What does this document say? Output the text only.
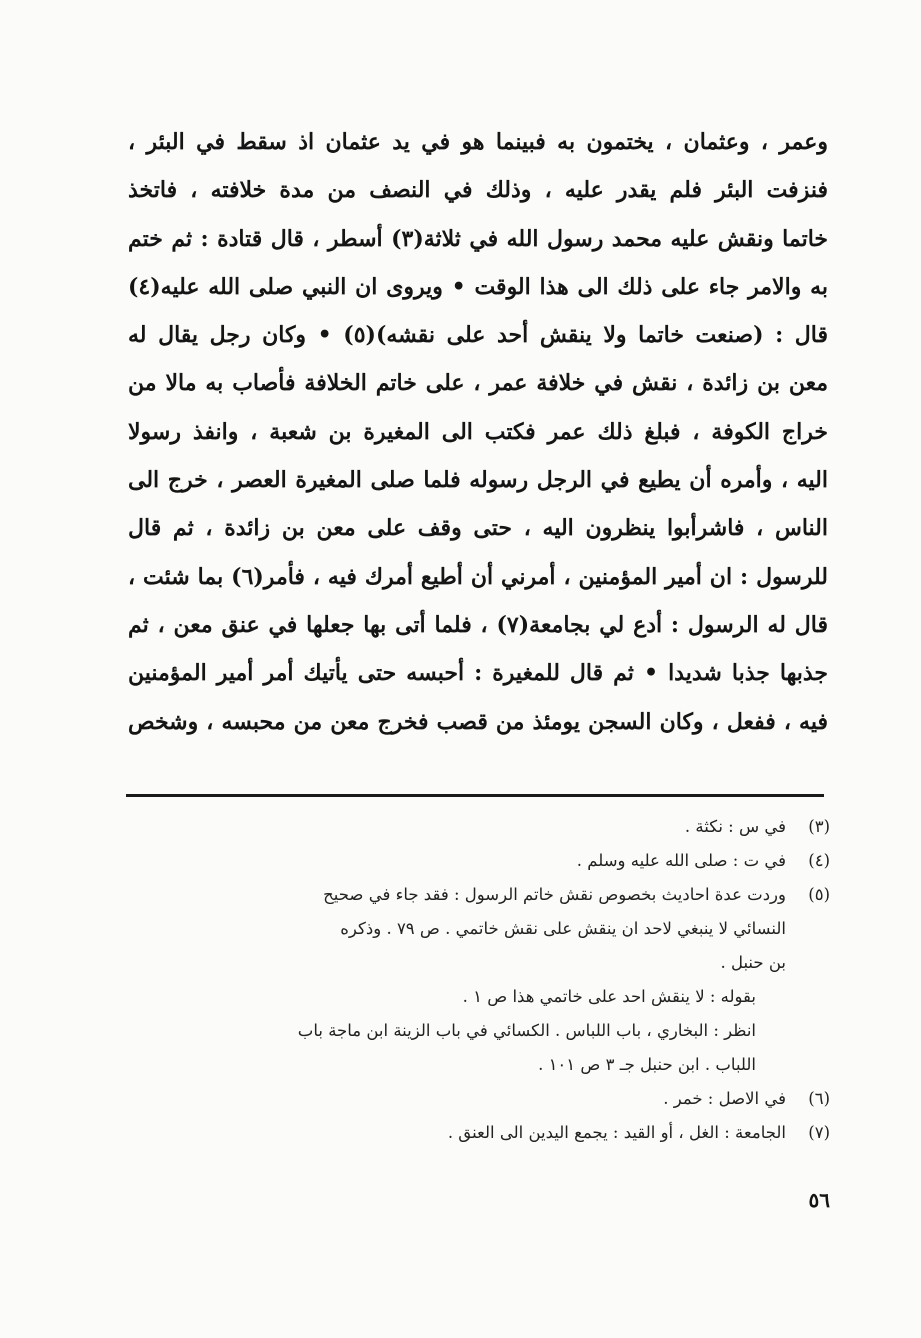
وعمر ، وعثمان ، يختمون به فبينما هو في يد عثمان اذ سقط في البئر ،
فنزفت البئر فلم يقدر عليه ، وذلك في النصف من مدة خلافته ، فاتخذ
خاتما ونقش عليه محمد رسول الله في ثلاثة(٣) أسطر ، قال قتادة : ثم ختم
به والامر جاء على ذلك الى هذا الوقت • ويروى ان النبي صلى الله عليه(٤)
قال : (صنعت خاتما ولا ينقش أحد على نقشه)(٥) • وكان رجل يقال له
معن بن زائدة ، نقش في خلافة عمر ، على خاتم الخلافة فأصاب به مالا من
خراج الكوفة ، فبلغ ذلك عمر فكتب الى المغيرة بن شعبة ، وانفذ رسولا
اليه ، وأمره أن يطيع في الرجل رسوله فلما صلى المغيرة العصر ، خرج الى
الناس ، فاشرأبوا ينظرون اليه ، حتى وقف على معن بن زائدة ، ثم قال
للرسول : ان أمير المؤمنين ، أمرني أن أطيع أمرك فيه ، فأمر(٦) بما شئت ،
قال له الرسول : أدع لي بجامعة(٧) ، فلما أتى بها جعلها في عنق معن ، ثم
جذبها جذبا شديدا • ثم قال للمغيرة : أحبسه حتى يأتيك أمر أمير المؤمنين
فيه ، ففعل ، وكان السجن يومئذ من قصب فخرج معن من محبسه ، وشخص
(٣)
في س : نكثة .
(٤)
في ت : صلى الله عليه وسلم .
(٥)
وردت عدة احاديث بخصوص نقش خاتم الرسول : فقد جاء في صحيح
النسائي لا ينبغي لاحد ان ينقش على نقش خاتمي . ص ٧٩ . وذكره
بن حنبل .
بقوله : لا ينقش احد على خاتمي هذا ص ١ .
انظر : البخاري ، باب اللباس . الكسائي في باب الزينة ابن ماجة باب
اللباب . ابن حنبل جـ ٣ ص ١٠١ .
(٦)
في الاصل : خمر .
(٧)
الجامعة : الغل ، أو القيد : يجمع اليدين الى العنق .
٥٦
